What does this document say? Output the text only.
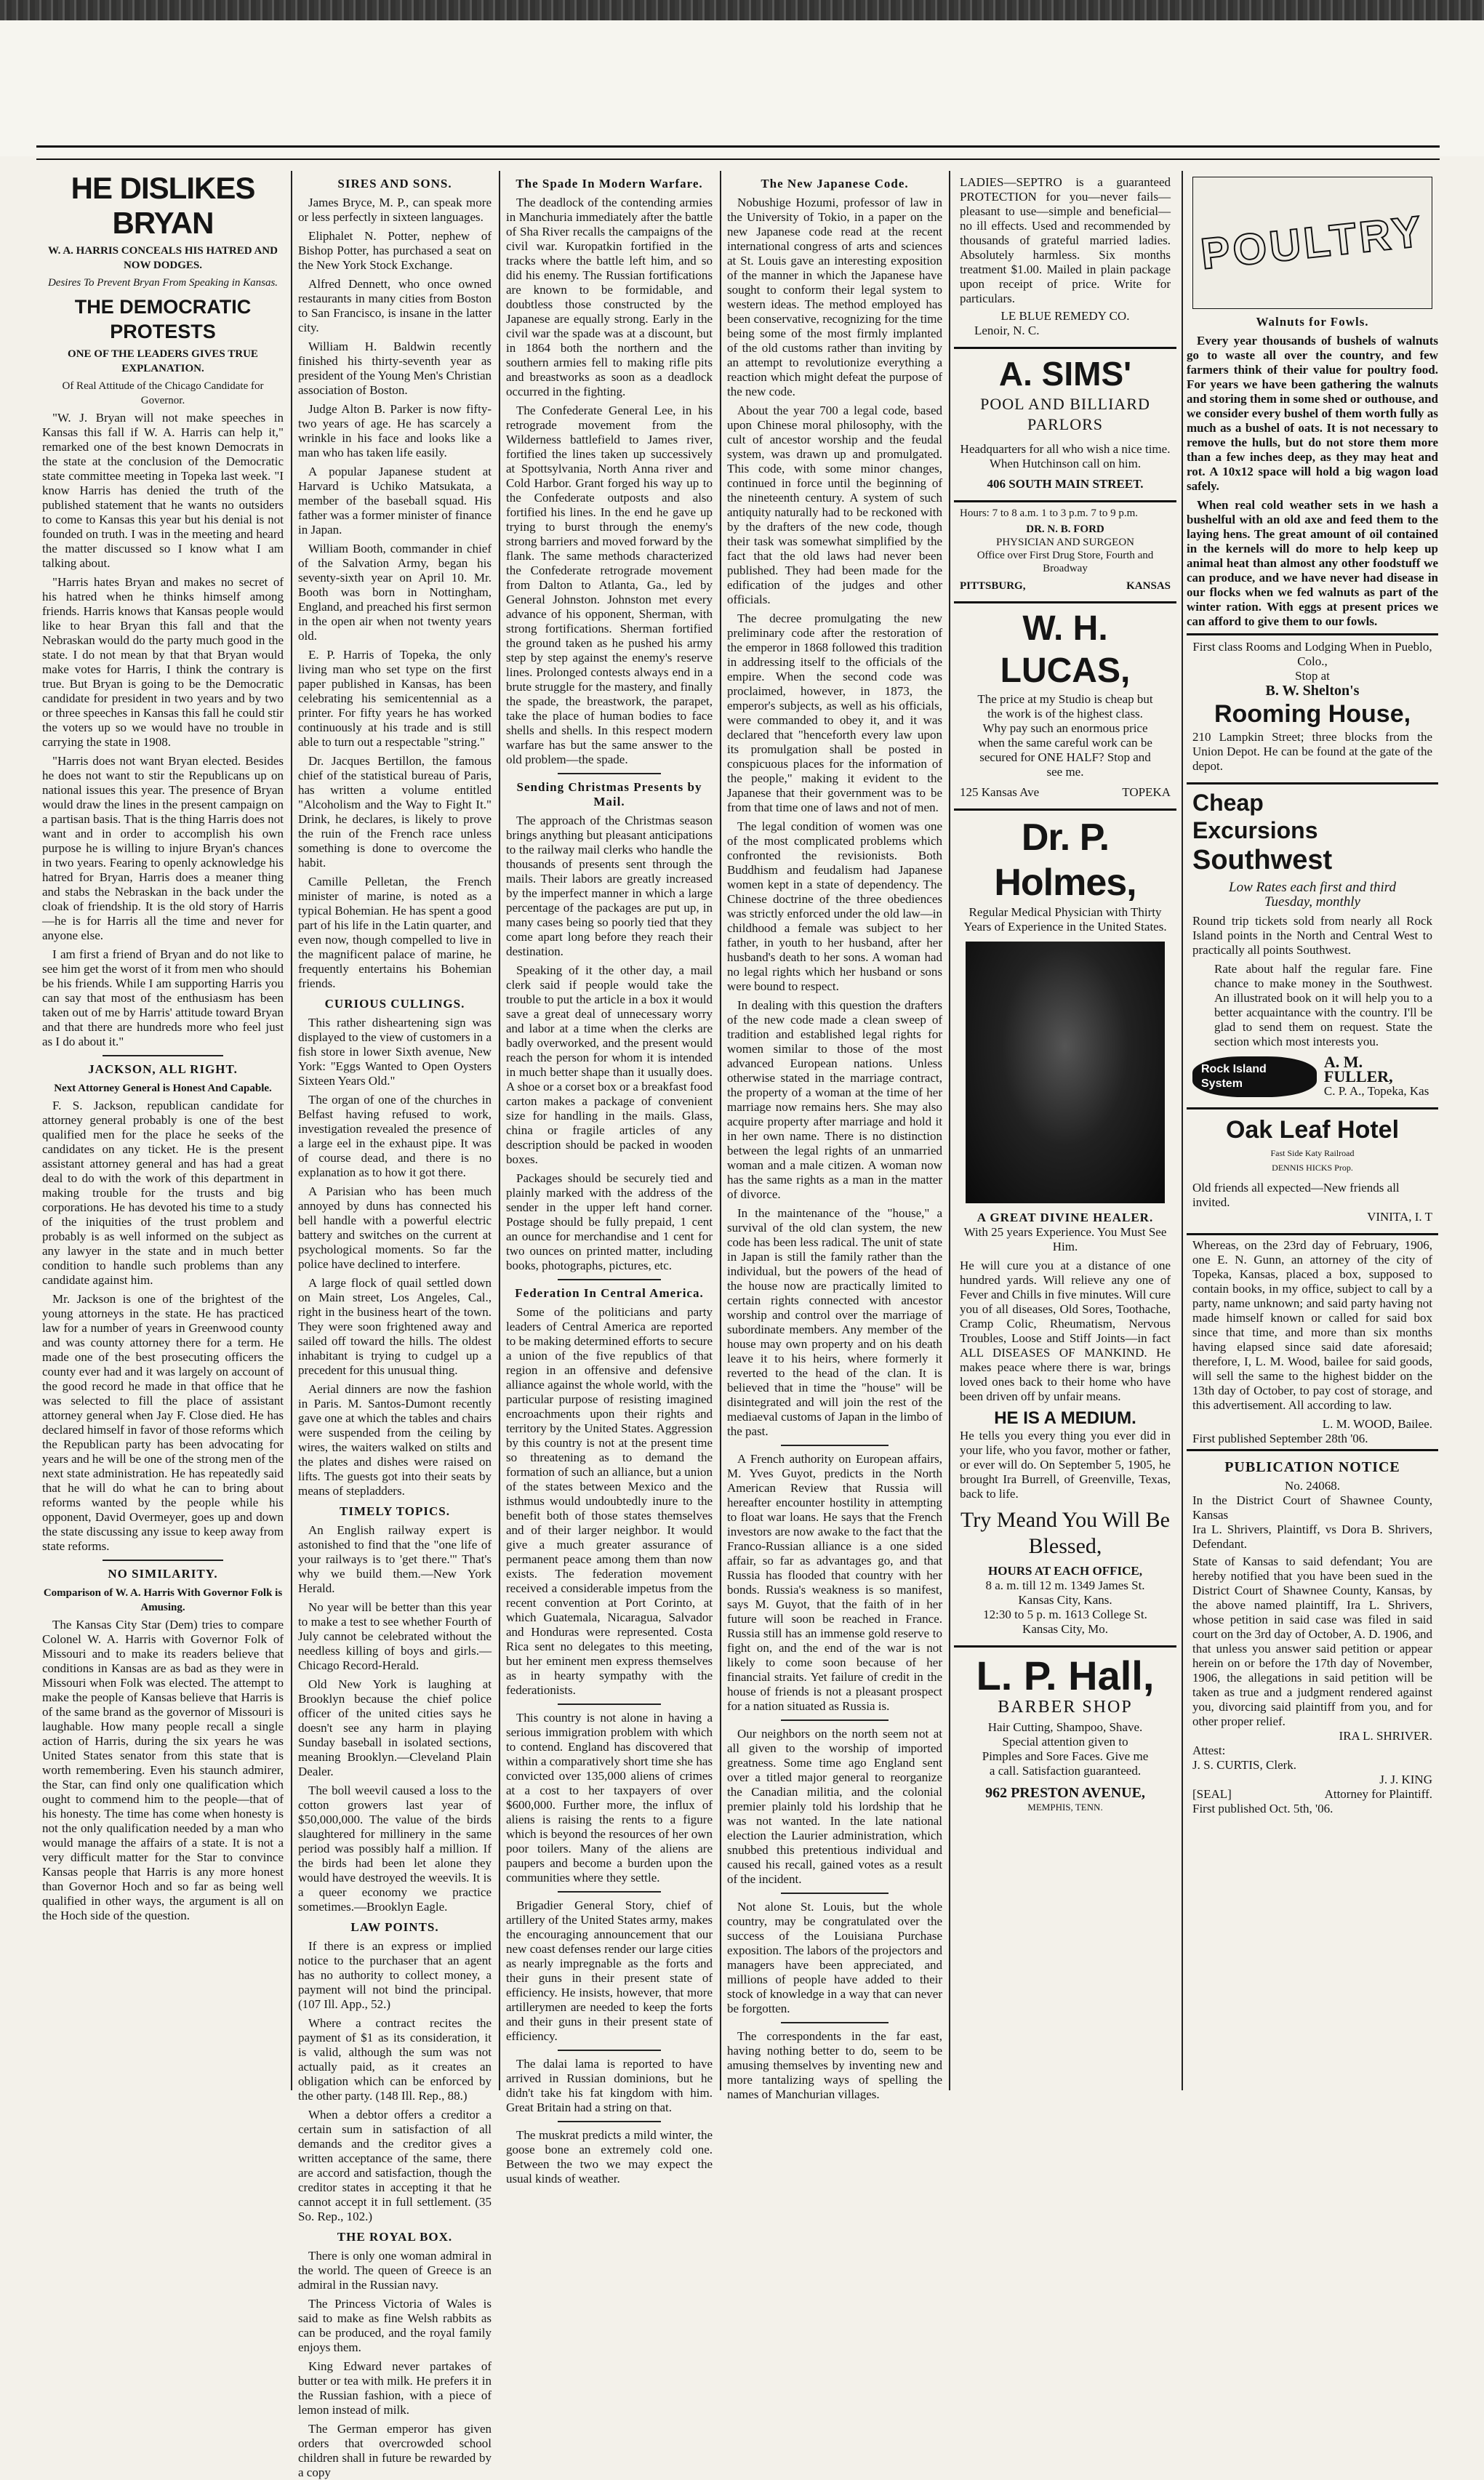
HE DISLIKES BRYAN
W. A. HARRIS CONCEALS HIS HATRED AND NOW DODGES.
Desires To Prevent Bryan From Speaking in Kansas.
THE DEMOCRATIC PROTESTS
ONE OF THE LEADERS GIVES TRUE EXPLANATION.
Of Real Attitude of the Chicago Candidate for Governor.

"W. J. Bryan will not make speeches in Kansas this fall if W. A. Harris can help it," remarked one of the best known Democrats in the state at the conclusion of the Democratic state committee meeting in Topeka last week. "I know Harris has denied the truth of the published statement that he wants no outsiders to come to Kansas this year but his denial is not founded on truth. I was in the meeting and heard the matter discussed so I know what I am talking about.

"Harris hates Bryan and makes no secret of his hatred when he thinks himself among friends. Harris knows that Kansas people would like to hear Bryan this fall and that the Nebraskan would do the party much good in the state. I do not mean by that that Bryan would make votes for Harris, I think the contrary is true. But Bryan is going to be the Democratic candidate for president in two years and by two or three speeches in Kansas this fall he could stir the voters up so we would have no trouble in carrying the state in 1908.

"Harris does not want Bryan elected. Besides he does not want to stir the Republicans up on national issues this year. The presence of Bryan would draw the lines in the present campaign on a partisan basis. That is the thing Harris does not want and in order to accomplish his own purpose he is willing to injure Bryan's chances in two years. Fearing to openly acknowledge his hatred for Bryan, Harris does a meaner thing and stabs the Nebraskan in the back under the cloak of friendship. It is the old story of Harris—he is for Harris all the time and never for anyone else.

I am first a friend of Bryan and do not like to see him get the worst of it from men who should be his friends. While I am supporting Harris you can say that most of the enthusiasm has been taken out of me by Harris' attitude toward Bryan and that there are hundreds more who feel just as I do about it."

JACKSON, ALL RIGHT.
Next Attorney General is Honest And Capable.

F. S. Jackson, republican candidate for attorney general probably is one of the best qualified men for the place he seeks of the candidates on any ticket. He is the present assistant attorney general and has had a great deal to do with the work of this department in making trouble for the trusts and big corporations. He has devoted his time to a study of the iniquities of the trust problem and probably is as well informed on the subject as any lawyer in the state and in much better condition to handle such problems than any candidate against him.

Mr. Jackson is one of the brightest of the young attorneys in the state. He has practiced law for a number of years in Greenwood county and was county attorney there for a term. He made one of the best prosecuting officers the county ever had and it was largely on account of the good record he made in that office that he was selected to fill the place of assistant attorney general when Jay F. Close died. He has declared himself in favor of those reforms which the Republican party has been advocating for years and he will be one of the strong men of the next state administration. He has repeatedly said that he will do what he can to bring about reforms wanted by the people while his opponent, David Overmeyer, goes up and down the state discussing any issue to keep away from state reforms.

NO SIMILARITY.
Comparison of W. A. Harris With Governor Folk is Amusing.

The Kansas City Star (Dem) tries to compare Colonel W. A. Harris with Governor Folk of Missouri and to make its readers believe that conditions in Kansas are as bad as they were in Missouri when Folk was elected. The attempt to make the people of Kansas believe that Harris is of the same brand as the governor of Missouri is laughable. How many people recall a single action of Harris, during the six years he was United States senator from this state that is worth remembering. Even his staunch admirer, the Star, can find only one qualification which ought to commend him to the people—that of his honesty. The time has come when honesty is not the only qualification needed by a man who would manage the affairs of a state. It is not a very difficult matter for the Star to convince Kansas people that Harris is any more honest than Governor Hoch and so far as being well qualified in other ways, the argument is all on the Hoch side of the question.

SIRES AND SONS.

James Bryce, M. P., can speak more or less perfectly in sixteen languages.

Eliphalet N. Potter, nephew of Bishop Potter, has purchased a seat on the New York Stock Exchange.

Alfred Dennett, who once owned restaurants in many cities from Boston to San Francisco, is insane in the latter city.

William H. Baldwin recently finished his thirty-seventh year as president of the Young Men's Christian association of Boston.

Judge Alton B. Parker is now fifty-two years of age. He has scarcely a wrinkle in his face and looks like a man who has taken life easily.

A popular Japanese student at Harvard is Uchiko Matsukata, a member of the baseball squad. His father was a former minister of finance in Japan.

William Booth, commander in chief of the Salvation Army, began his seventy-sixth year on April 10. Mr. Booth was born in Nottingham, England, and preached his first sermon in the open air when not twenty years old.

E. P. Harris of Topeka, the only living man who set type on the first paper published in Kansas, has been celebrating his semicentennial as a printer. For fifty years he has worked continuously at his trade and is still able to turn out a respectable "string."

Dr. Jacques Bertillon, the famous chief of the statistical bureau of Paris, has written a volume entitled "Alcoholism and the Way to Fight It." Drink, he declares, is likely to prove the ruin of the French race unless something is done to overcome the habit.

Camille Pelletan, the French minister of marine, is noted as a typical Bohemian. He has spent a good part of his life in the Latin quarter, and even now, though compelled to live in the magnificent palace of marine, he frequently entertains his Bohemian friends.

CURIOUS CULLINGS.

This rather disheartening sign was displayed to the view of customers in a fish store in lower Sixth avenue, New York: "Eggs Wanted to Open Oysters Sixteen Years Old."

The organ of one of the churches in Belfast having refused to work, investigation revealed the presence of a large eel in the exhaust pipe. It was of course dead, and there is no explanation as to how it got there.

A Parisian who has been much annoyed by duns has connected his bell handle with a powerful electric battery and switches on the current at psychological moments. So far the police have declined to interfere.

A large flock of quail settled down on Main street, Los Angeles, Cal., right in the business heart of the town. They were soon frightened away and sailed off toward the hills. The oldest inhabitant is trying to cudgel up a precedent for this unusual thing.

Aerial dinners are now the fashion in Paris. M. Santos-Dumont recently gave one at which the tables and chairs were suspended from the ceiling by wires, the waiters walked on stilts and the plates and dishes were raised on lifts. The guests got into their seats by means of stepladders.

TIMELY TOPICS.

An English railway expert is astonished to find that the "one life of your railways is to 'get there.'" That's why we build them.—New York Herald.

No year will be better than this year to make a test to see whether Fourth of July cannot be celebrated without the needless killing of boys and girls.—Chicago Record-Herald.

Old New York is laughing at Brooklyn because the chief police officer of the united cities says he doesn't see any harm in playing Sunday baseball in isolated sections, meaning Brooklyn.—Cleveland Plain Dealer.

The boll weevil caused a loss to the cotton growers last year of $50,000,000. The value of the birds slaughtered for millinery in the same period was possibly half a million. If the birds had been let alone they would have destroyed the weevils. It is a queer economy we practice sometimes.—Brooklyn Eagle.

LAW POINTS.

If there is an express or implied notice to the purchaser that an agent has no authority to collect money, a payment will not bind the principal. (107 Ill. App., 52.)

Where a contract recites the payment of $1 as its consideration, it is valid, although the sum was not actually paid, as it creates an obligation which can be enforced by the other party. (148 Ill. Rep., 88.)

When a debtor offers a creditor a certain sum in satisfaction of all demands and the creditor gives a written acceptance of the same, there are accord and satisfaction, though the creditor states in accepting it that he cannot accept it in full settlement. (35 So. Rep., 102.)

THE ROYAL BOX.

There is only one woman admiral in the world. The queen of Greece is an admiral in the Russian navy.

The Princess Victoria of Wales is said to make as fine Welsh rabbits as can be produced, and the royal family enjoys them.

King Edward never partakes of butter or tea with milk. He prefers it in the Russian fashion, with a piece of lemon instead of milk.

The German emperor has given orders that overcrowded school children shall in future be rewarded by a copy

The Spade In Modern Warfare.

The deadlock of the contending armies in Manchuria immediately after the battle of Sha River recalls the campaigns of the civil war. Kuropatkin fortified in the tracks where the battle left him, and so did his enemy. The Russian fortifications are known to be formidable, and doubtless those constructed by the Japanese are equally strong. Early in the civil war the spade was at a discount, but in 1864 both the northern and the southern armies fell to making rifle pits and breastworks as soon as a deadlock occurred in the fighting.

The Confederate General Lee, in his retrograde movement from the Wilderness battlefield to James river, fortified the lines taken up successively at Spottsylvania, North Anna river and Cold Harbor. Grant forged his way up to the Confederate outposts and also fortified his lines. In the end he gave up trying to burst through the enemy's strong barriers and moved forward by the flank. The same methods characterized the Confederate retrograde movement from Dalton to Atlanta, Ga., led by General Johnston. Johnston met every advance of his opponent, Sherman, with strong fortifications. Sherman fortified the ground taken as he pushed his army step by step against the enemy's reserve lines. Prolonged contests always end in a brute struggle for the mastery, and finally the spade, the breastwork, the parapet, take the place of human bodies to face shells and shells. In this respect modern warfare has but the same answer to the old problem—the spade.

Sending Christmas Presents by Mail.

The approach of the Christmas season brings anything but pleasant anticipations to the railway mail clerks who handle the thousands of presents sent through the mails. Their labors are greatly increased by the imperfect manner in which a large percentage of the packages are put up, in many cases being so poorly tied that they come apart long before they reach their destination.

Speaking of it the other day, a mail clerk said if people would take the trouble to put the article in a box it would save a great deal of unnecessary worry and labor at a time when the clerks are badly overworked, and the present would reach the person for whom it is intended in much better shape than it usually does. A shoe or a corset box or a breakfast food carton makes a package of convenient size for handling in the mails. Glass, china or fragile articles of any description should be packed in wooden boxes.

Packages should be securely tied and plainly marked with the address of the sender in the upper left hand corner. Postage should be fully prepaid, 1 cent an ounce for merchandise and 1 cent for two ounces on printed matter, including books, photographs, pictures, etc.

Federation In Central America.

Some of the politicians and party leaders of Central America are reported to be making determined efforts to secure a union of the five republics of that region in an offensive and defensive alliance against the whole world, with the particular purpose of resisting imagined encroachments upon their rights and territory by the United States. Aggression by this country is not at the present time so threatening as to demand the formation of such an alliance, but a union of the states between Mexico and the isthmus would undoubtedly inure to the benefit both of those states themselves and of their larger neighbor. It would give a much greater assurance of permanent peace among them than now exists. The federation movement received a considerable impetus from the recent convention at Port Corinto, at which Guatemala, Nicaragua, Salvador and Honduras were represented. Costa Rica sent no delegates to this meeting, but her eminent men express themselves as in hearty sympathy with the federationists.

This country is not alone in having a serious immigration problem with which to contend. England has discovered that within a comparatively short time she has convicted over 135,000 aliens of crimes at a cost to her taxpayers of over $600,000. Further more, the influx of aliens is raising the rents to a figure which is beyond the resources of her own poor toilers. Many of the aliens are paupers and become a burden upon the communities where they settle.

Brigadier General Story, chief of artillery of the United States army, makes the encouraging announcement that our new coast defenses render our large cities as nearly impregnable as the forts and their guns in their present state of efficiency. He insists, however, that more artillerymen are needed to keep the forts and their guns in their present state of efficiency.

The dalai lama is reported to have arrived in Russian dominions, but he didn't take his fat kingdom with him. Great Britain had a string on that.

The muskrat predicts a mild winter, the goose bone an extremely cold one. Between the two we may expect the usual kinds of weather.

The New Japanese Code.

Nobushige Hozumi, professor of law in the University of Tokio, in a paper on the new Japanese code read at the recent international congress of arts and sciences at St. Louis gave an interesting exposition of the manner in which the Japanese have sought to conform their legal system to western ideas. The method employed has been conservative, recognizing for the time being some of the most firmly implanted of the old customs rather than inviting by an attempt to revolutionize everything a reaction which might defeat the purpose of the new code.

About the year 700 a legal code, based upon Chinese moral philosophy, with the cult of ancestor worship and the feudal system, was drawn up and promulgated. This code, with some minor changes, continued in force until the beginning of the nineteenth century. A system of such antiquity naturally had to be reckoned with by the drafters of the new code, though their task was somewhat simplified by the fact that the old laws had never been published. They had been made for the edification of the judges and other officials.

The decree promulgating the new preliminary code after the restoration of the emperor in 1868 followed this tradition in addressing itself to the officials of the empire. When the second code was proclaimed, however, in 1873, the emperor's subjects, as well as his officials, were commanded to obey it, and it was declared that "henceforth every law upon its promulgation shall be posted in conspicuous places for the information of the people," making it evident to the Japanese that their government was to be from that time one of laws and not of men.

The legal condition of women was one of the most complicated problems which confronted the revisionists. Both Buddhism and feudalism had Japanese women kept in a state of dependency. The Chinese doctrine of the three obediences was strictly enforced under the old law—in childhood a female was subject to her father, in youth to her husband, after her husband's death to her sons. A woman had no legal rights which her husband or sons were bound to respect.

In dealing with this question the drafters of the new code made a clean sweep of tradition and established legal rights for women similar to those of the most advanced European nations. Unless otherwise stated in the marriage contract, the property of a woman at the time of her marriage now remains hers. She may also acquire property after marriage and hold it in her own name. There is no distinction between the legal rights of an unmarried woman and a male citizen. A woman now has the same rights as a man in the matter of divorce.

In the maintenance of the "house," a survival of the old clan system, the new code has been less radical. The unit of state in Japan is still the family rather than the individual, but the powers of the head of the house now are practically limited to certain rights connected with ancestor worship and control over the marriage of subordinate members. Any member of the house may own property and on his death leave it to his heirs, where formerly it reverted to the head of the clan. It is believed that in time the "house" will be disintegrated and will join the rest of the mediaeval customs of Japan in the limbo of the past.

A French authority on European affairs, M. Yves Guyot, predicts in the North American Review that Russia will hereafter encounter hostility in attempting to float war loans. He says that the French investors are now awake to the fact that the Franco-Russian alliance is a one sided affair, so far as advantages go, and that Russia has flooded that country with her bonds. Russia's weakness is so manifest, says M. Guyot, that the faith of in her future will soon be reached in France. Russia still has an immense gold reserve to fight on, and the end of the war is not likely to come soon because of her financial straits. Yet failure of credit in the house of friends is not a pleasant prospect for a nation situated as Russia is.

Our neighbors on the north seem not at all given to the worship of imported greatness. Some time ago England sent over a titled major general to reorganize the Canadian militia, and the colonial premier plainly told his lordship that he was not wanted. In the late national election the Laurier administration, which snubbed this pretentious individual and caused his recall, gained votes as a result of the incident.

Not alone St. Louis, but the whole country, may be congratulated over the success of the Louisiana Purchase exposition. The labors of the projectors and managers have been appreciated, and millions of people have added to their stock of knowledge in a way that can never be forgotten.

The correspondents in the far east, having nothing better to do, seem to be amusing themselves by inventing new and more tantalizing ways of spelling the names of Manchurian villages.

LADIES—SEPTRO is a guaranteed PROTECTION for you—never fails—pleasant to use—simple and beneficial—no ill effects. Used and recommended by thousands of grateful married ladies. Absolutely harmless. Six months treatment $1.00. Mailed in plain package upon receipt of price. Write for particulars.
LE BLUE REMEDY CO.
Lenoir, N. C.
A. SIMS'
POOL AND BILLIARD PARLORS
Headquarters for all who wish a nice time. When Hutchinson call on him.
406 SOUTH MAIN STREET.
Hours: 7 to 8 a.m. 1 to 3 p.m. 7 to 9 p.m.
DR. N. B. FORD
PHYSICIAN AND SURGEON
Office over First Drug Store, Fourth and Broadway
PITTSBURG,	KANSAS
W. H. LUCAS,
The price at my Studio is cheap but the work is of the highest class. Why pay such an enormous price when the same careful work can be secured for ONE HALF? Stop and see me.
125 Kansas Ave	TOPEKA
Dr. P. Holmes,
Regular Medical Physician with Thirty Years of Experience in the United States.
A GREAT DIVINE HEALER.
With 25 years Experience. You Must See Him.
He will cure you at a distance of one hundred yards. Will relieve any one of Fever and Chills in five minutes. Will cure you of all diseases, Old Sores, Toothache, Cramp Colic, Rheumatism, Nervous Troubles, Loose and Stiff Joints—in fact ALL DISEASES OF MANKIND. He makes peace where there is war, brings loved ones back to their home who have been driven off by unfair means.
HE IS A MEDIUM.
He tells you every thing you ever did in your life, who you favor, mother or father, or ever will do. On September 5, 1905, he brought Ira Burrell, of Greenville, Texas, back to life.
Try Meand You Will Be Blessed,
HOURS AT EACH OFFICE,
8 a. m. till 12 m. 1349 James St.
Kansas City, Kans.
12:30 to 5 p. m. 1613 College St.
Kansas City, Mo.
L. P. Hall,
BARBER SHOP
Hair Cutting, Shampoo, Shave. Special attention given to Pimples and Sore Faces. Give me a call. Satisfaction guaranteed.
962 PRESTON AVENUE,
MEMPHIS, TENN.
POULTRY
Walnuts for Fowls.

Every year thousands of bushels of walnuts go to waste all over the country, and few farmers think of their value for poultry food. For years we have been gathering the walnuts and storing them in some shed or outhouse, and we consider every bushel of them worth fully as much as a bushel of oats. It is not necessary to remove the hulls, but do not store them more than a few inches deep, as they may heat and rot. A 10x12 space will hold a big wagon load safely.

When real cold weather sets in we hash a bushelful with an old axe and feed them to the laying hens. The great amount of oil contained in the kernels will do more to help keep up animal heat than almost any other foodstuff we can produce, and we have never had disease in our flocks when we fed walnuts as part of the winter ration. With eggs at present prices we can afford to give them to our fowls.

First class Rooms and Lodging When in Pueblo, Colo.,
Stop at
B. W. Shelton's
Rooming House,
210 Lampkin Street; three blocks from the Union Depot. He can be found at the gate of the depot.
Cheap
Excursions
Southwest
Low Rates each first and third Tuesday, monthly
Round trip tickets sold from nearly all Rock Island points in the North and Central West to practically all points Southwest.
Rate about half the regular fare. Fine chance to make money in the Southwest. An illustrated book on it will help you to a better acquaintance with the country. I'll be glad to send them on request. State the section which most interests you.
Rock Island System
A. M. FULLER,
C. P. A., Topeka, Kas
Oak Leaf Hotel
Fast Side Katy Railroad
DENNIS HICKS Prop.
Old friends all expected—New friends all invited.
VINITA, I. T
Whereas, on the 23rd day of February, 1906, one E. N. Gunn, an attorney of the city of Topeka, Kansas, placed a box, supposed to contain books, in my office, subject to call by a party, name unknown; and said party having not made himself known or called for said box since that time, and more than six months having elapsed since said date aforesaid; therefore, I, L. M. Wood, bailee for said goods, will sell the same to the highest bidder on the 13th day of October, to pay cost of storage, and this advertisement. All according to law.
L. M. WOOD, Bailee.
First published September 28th '06.
PUBLICATION NOTICE
No. 24068.
In the District Court of Shawnee County, Kansas
Ira L. Shrivers, Plaintiff, vs Dora B. Shrivers, Defendant.
State of Kansas to said defendant; You are hereby notified that you have been sued in the District Court of Shawnee County, Kansas, by the above named plaintiff, Ira L. Shrivers, whose petition in said case was filed in said court on the 3rd day of October, A. D. 1906, and that unless you answer said petition or appear herein on or before the 17th day of November, 1906, the allegations in said petition will be taken as true and a judgment rendered against you, divorcing said plaintiff from you, and for other proper relief.
IRA L. SHRIVER.
Attest:
J. S. CURTIS, Clerk.
J. J. KING
[SEAL]	Attorney for Plaintiff.
First published Oct. 5th, '06.
